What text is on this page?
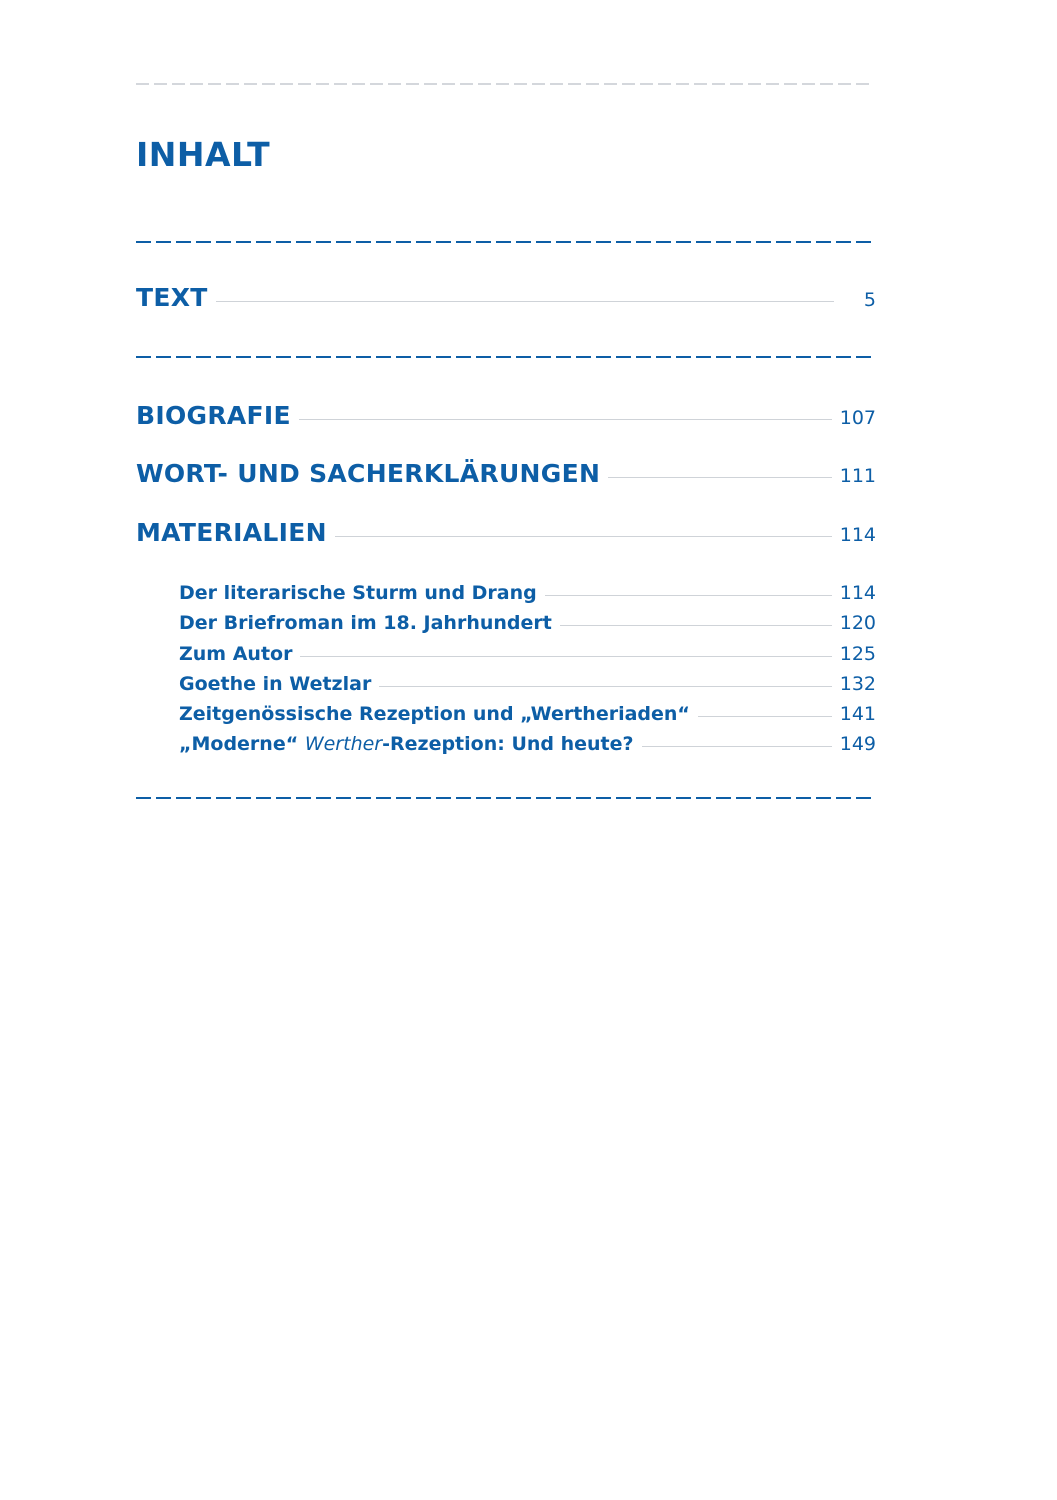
INHALT
TEXT	5
BIOGRAFIE	107
WORT- UND SACHERKLÄRUNGEN	111
MATERIALIEN	114
Der literarische Sturm und Drang	114
Der Briefroman im 18. Jahrhundert	120
Zum Autor	125
Goethe in Wetzlar	132
Zeitgenössische Rezeption und „Wertheriaden“	141
„Moderne“ Werther-Rezeption: Und heute?	149
